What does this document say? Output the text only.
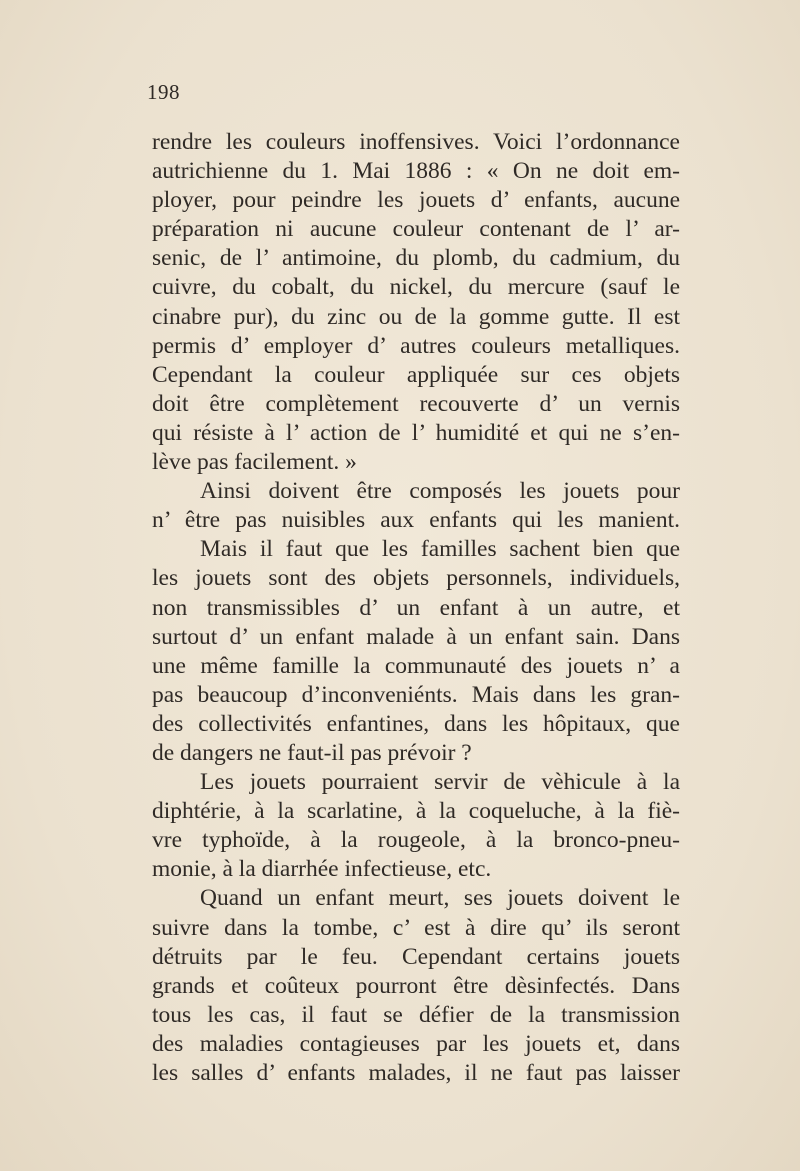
198
rendre les couleurs inoffensives. Voici l’ordonnance
autrichienne du 1. Mai 1886 : « On ne doit em-
ployer, pour peindre les jouets d’ enfants, aucune
préparation ni aucune couleur contenant de l’ ar-
senic, de l’ antimoine, du plomb, du cadmium, du
cuivre, du cobalt, du nickel, du mercure (sauf le
cinabre pur), du zinc ou de la gomme gutte. Il est
permis d’ employer d’ autres couleurs metalliques.
Cependant la couleur appliquée sur ces objets
doit être complètement recouverte d’ un vernis
qui résiste à l’ action de l’ humidité et qui ne s’en-
lève pas facilement. »
Ainsi doivent être composés les jouets pour
n’ être pas nuisibles aux enfants qui les manient.
Mais il faut que les familles sachent bien que
les jouets sont des objets personnels, individuels,
non transmissibles d’ un enfant à un autre, et
surtout d’ un enfant malade à un enfant sain. Dans
une même famille la communauté des jouets n’ a
pas beaucoup d’inconveniénts. Mais dans les gran-
des collectivités enfantines, dans les hôpitaux, que
de dangers ne faut-il pas prévoir ?
Les jouets pourraient servir de vèhicule à la
diphtérie, à la scarlatine, à la coqueluche, à la fiè-
vre typhoïde, à la rougeole, à la bronco-pneu-
monie, à la diarrhée infectieuse, etc.
Quand un enfant meurt, ses jouets doivent le
suivre dans la tombe, c’ est à dire qu’ ils seront
détruits par le feu. Cependant certains jouets
grands et coûteux pourront être dèsinfectés. Dans
tous les cas, il faut se défier de la transmission
des maladies contagieuses par les jouets et, dans
les salles d’ enfants malades, il ne faut pas laisser
